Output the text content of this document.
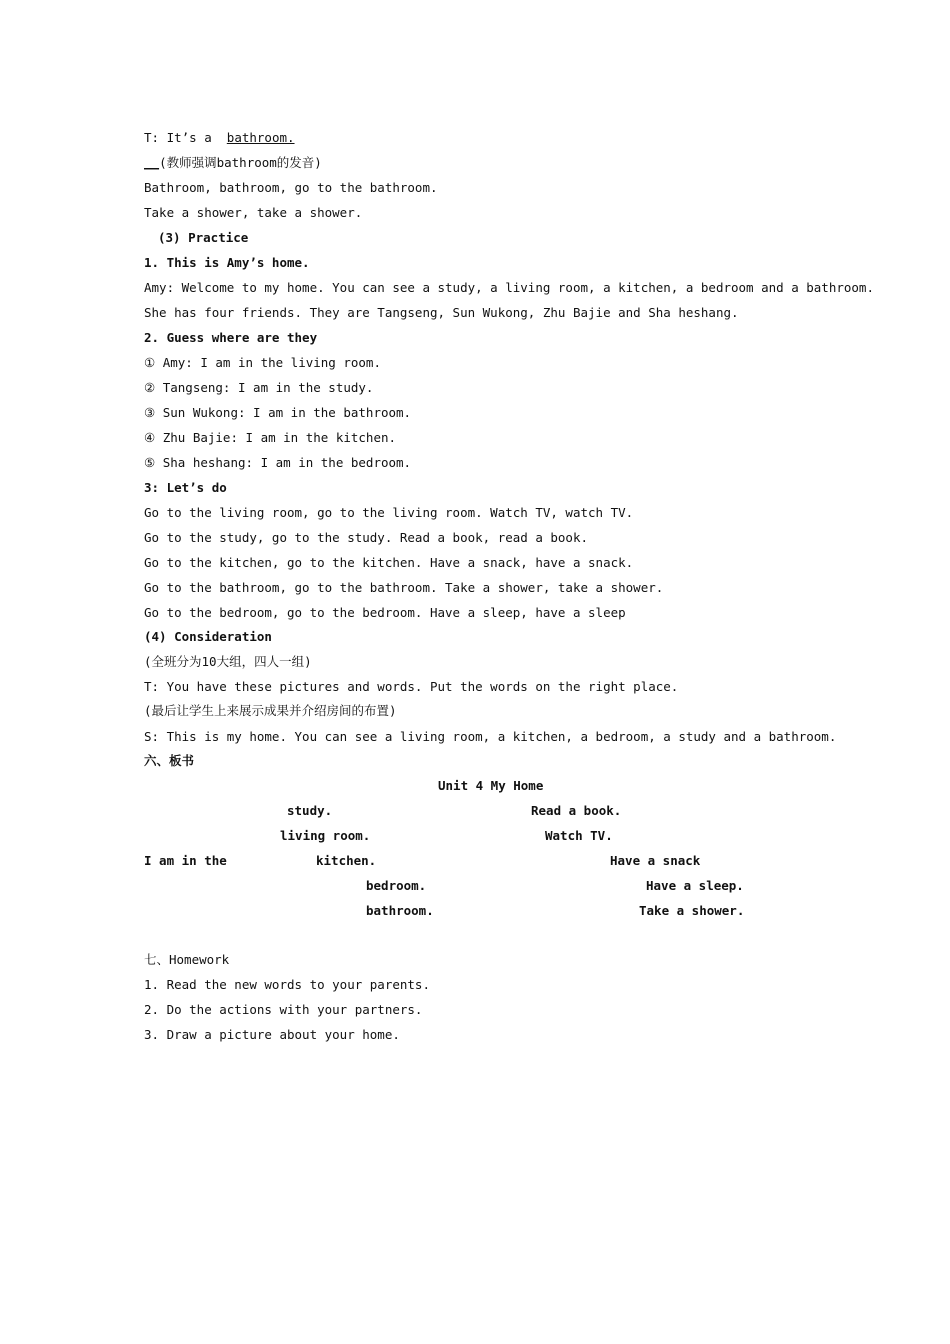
T: It’s a  bathroom.
__(教师强调bathroom的发音)
Bathroom, bathroom, go to the bathroom.
Take a shower, take a shower.
(3) Practice
1. This is Amy’s home.
Amy: Welcome to my home. You can see a study, a living room, a kitchen, a bedroom and a bathroom.
She has four friends. They are Tangseng, Sun Wukong, Zhu Bajie and Sha heshang.
2. Guess where are they
① Amy: I am in the living room.
② Tangseng: I am in the study.
③ Sun Wukong: I am in the bathroom.
④ Zhu Bajie: I am in the kitchen.
⑤ Sha heshang: I am in the bedroom.
3: Let’s do
Go to the living room, go to the living room. Watch TV, watch TV.
Go to the study, go to the study. Read a book, read a book.
Go to the kitchen, go to the kitchen. Have a snack, have a snack.
Go to the bathroom, go to the bathroom. Take a shower, take a shower.
Go to the bedroom, go to the bedroom. Have a sleep, have a sleep
(4) Consideration
(全班分为10大组，四人一组)
T: You have these pictures and words. Put the words on the right place.
(最后让学生上来展示成果并介绍房间的布置)
S: This is my home. You can see a living room, a kitchen, a bedroom, a study and a bathroom.
六、板书
Unit 4 My Home
study.	Read a book.
living room.	Watch TV.
I am in the	kitchen.	Have a snack
bedroom.	Have a sleep.
bathroom.	Take a shower.
七、Homework
1. Read the new words to your parents.
2. Do the actions with your partners.
3. Draw a picture about your home.
